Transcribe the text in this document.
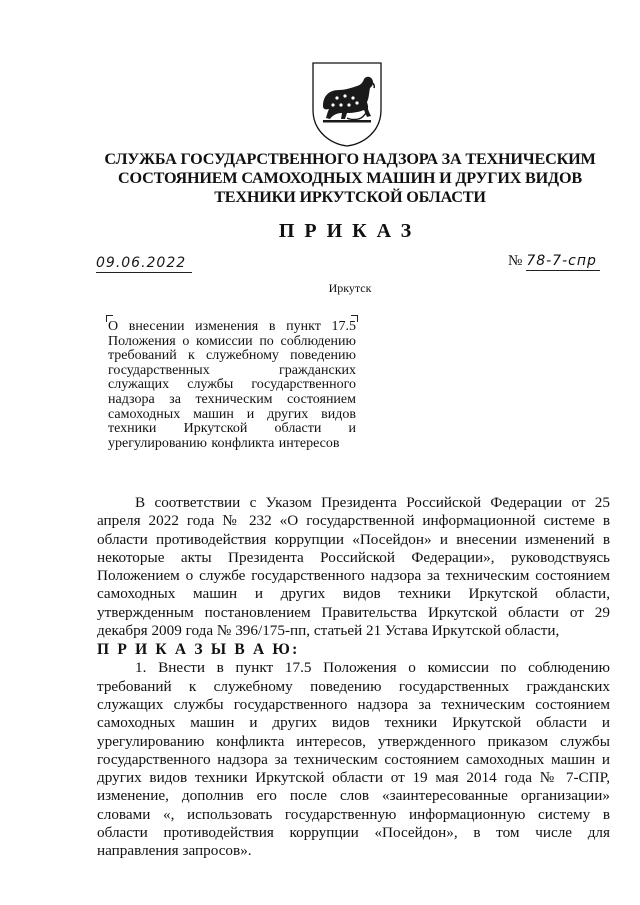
СЛУЖБА ГОСУДАРСТВЕННОГО НАДЗОРА ЗА ТЕХНИЧЕСКИМ СОСТОЯНИЕМ САМОХОДНЫХ МАШИН И ДРУГИХ ВИДОВ ТЕХНИКИ ИРКУТСКОЙ ОБЛАСТИ
ПРИКАЗ
09.06.2022	№ 78-7-спр
Иркутск

О внесении изменения в пункт 17.5 Положения о комиссии по соблюдению требований к служебному поведению государственных гражданских служащих службы государственного надзора за техническим состоянием самоходных машин и других видов техники Иркутской области и урегулированию конфликта интересов

В соответствии с Указом Президента Российской Федерации от 25 апреля 2022 года № 232 «О государственной информационной системе в области противодействия коррупции «Посейдон» и внесении изменений в некоторые акты Президента Российской Федерации», руководствуясь Положением о службе государственного надзора за техническим состоянием самоходных машин и других видов техники Иркутской области, утвержденным постановлением Правительства Иркутской области от 29 декабря 2009 года № 396/175-пп, статьей 21 Устава Иркутской области,

П Р И К А З Ы В А Ю:

1. Внести в пункт 17.5 Положения о комиссии по соблюдению требований к служебному поведению государственных гражданских служащих службы государственного надзора за техническим состоянием самоходных машин и других видов техники Иркутской области и урегулированию конфликта интересов, утвержденного приказом службы государственного надзора за техническим состоянием самоходных машин и других видов техники Иркутской области от 19 мая 2014 года № 7-СПР, изменение, дополнив его после слов «заинтересованные организации» словами «, использовать государственную информационную систему в области противодействия коррупции «Посейдон», в том числе для направления запросов».
